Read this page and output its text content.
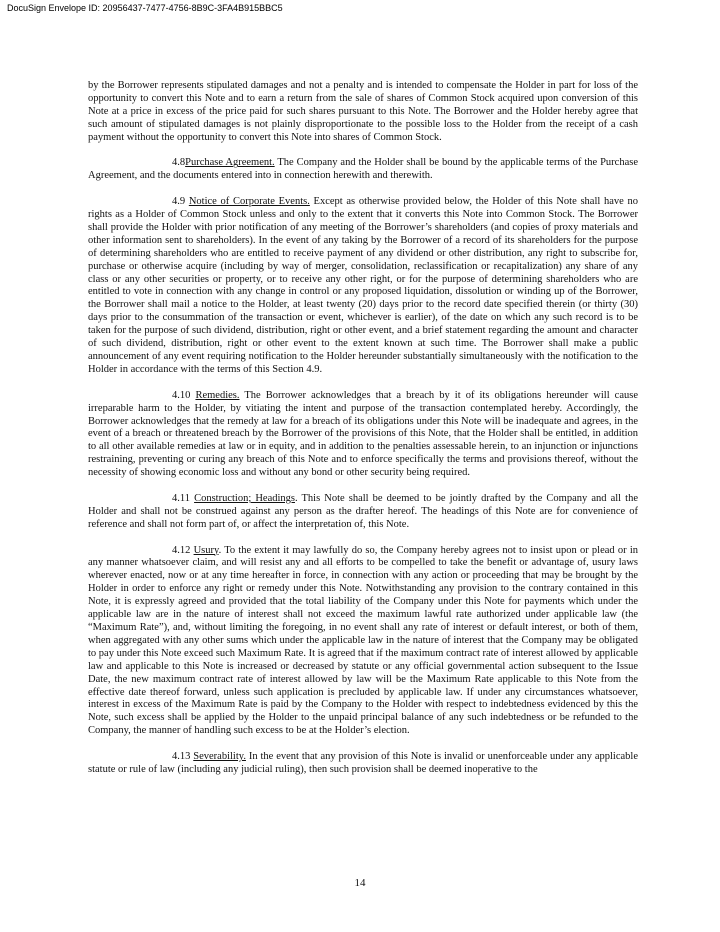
DocuSign Envelope ID: 20956437-7477-4756-8B9C-3FA4B915BBC5

by the Borrower represents stipulated damages and not a penalty and is intended to compensate the Holder in part for loss of the opportunity to convert this Note and to earn a return from the sale of shares of Common Stock acquired upon conversion of this Note at a price in excess of the price paid for such shares pursuant to this Note. The Borrower and the Holder hereby agree that such amount of stipulated damages is not plainly disproportionate to the possible loss to the Holder from the receipt of a cash payment without the opportunity to convert this Note into shares of Common Stock.

4.8Purchase Agreement. The Company and the Holder shall be bound by the applicable terms of the Purchase Agreement, and the documents entered into in connection herewith and therewith.

4.9 Notice of Corporate Events. Except as otherwise provided below, the Holder of this Note shall have no rights as a Holder of Common Stock unless and only to the extent that it converts this Note into Common Stock. The Borrower shall provide the Holder with prior notification of any meeting of the Borrower’s shareholders (and copies of proxy materials and other information sent to shareholders). In the event of any taking by the Borrower of a record of its shareholders for the purpose of determining shareholders who are entitled to receive payment of any dividend or other distribution, any right to subscribe for, purchase or otherwise acquire (including by way of merger, consolidation, reclassification or recapitalization) any share of any class or any other securities or property, or to receive any other right, or for the purpose of determining shareholders who are entitled to vote in connection with any change in control or any proposed liquidation, dissolution or winding up of the Borrower, the Borrower shall mail a notice to the Holder, at least twenty (20) days prior to the record date specified therein (or thirty (30) days prior to the consummation of the transaction or event, whichever is earlier), of the date on which any such record is to be taken for the purpose of such dividend, distribution, right or other event, and a brief statement regarding the amount and character of such dividend, distribution, right or other event to the extent known at such time. The Borrower shall make a public announcement of any event requiring notification to the Holder hereunder substantially simultaneously with the notification to the Holder in accordance with the terms of this Section 4.9.

4.10 Remedies. The Borrower acknowledges that a breach by it of its obligations hereunder will cause irreparable harm to the Holder, by vitiating the intent and purpose of the transaction contemplated hereby. Accordingly, the Borrower acknowledges that the remedy at law for a breach of its obligations under this Note will be inadequate and agrees, in the event of a breach or threatened breach by the Borrower of the provisions of this Note, that the Holder shall be entitled, in addition to all other available remedies at law or in equity, and in addition to the penalties assessable herein, to an injunction or injunctions restraining, preventing or curing any breach of this Note and to enforce specifically the terms and provisions thereof, without the necessity of showing economic loss and without any bond or other security being required.

4.11 Construction; Headings. This Note shall be deemed to be jointly drafted by the Company and all the Holder and shall not be construed against any person as the drafter hereof. The headings of this Note are for convenience of reference and shall not form part of, or affect the interpretation of, this Note.

4.12 Usury. To the extent it may lawfully do so, the Company hereby agrees not to insist upon or plead or in any manner whatsoever claim, and will resist any and all efforts to be compelled to take the benefit or advantage of, usury laws wherever enacted, now or at any time hereafter in force, in connection with any action or proceeding that may be brought by the Holder in order to enforce any right or remedy under this Note. Notwithstanding any provision to the contrary contained in this Note, it is expressly agreed and provided that the total liability of the Company under this Note for payments which under the applicable law are in the nature of interest shall not exceed the maximum lawful rate authorized under applicable law (the “Maximum Rate”), and, without limiting the foregoing, in no event shall any rate of interest or default interest, or both of them, when aggregated with any other sums which under the applicable law in the nature of interest that the Company may be obligated to pay under this Note exceed such Maximum Rate. It is agreed that if the maximum contract rate of interest allowed by applicable law and applicable to this Note is increased or decreased by statute or any official governmental action subsequent to the Issue Date, the new maximum contract rate of interest allowed by law will be the Maximum Rate applicable to this Note from the effective date thereof forward, unless such application is precluded by applicable law. If under any circumstances whatsoever, interest in excess of the Maximum Rate is paid by the Company to the Holder with respect to indebtedness evidenced by this the Note, such excess shall be applied by the Holder to the unpaid principal balance of any such indebtedness or be refunded to the Company, the manner of handling such excess to be at the Holder’s election.

4.13 Severability. In the event that any provision of this Note is invalid or unenforceable under any applicable statute or rule of law (including any judicial ruling), then such provision shall be deemed inoperative to the

14
